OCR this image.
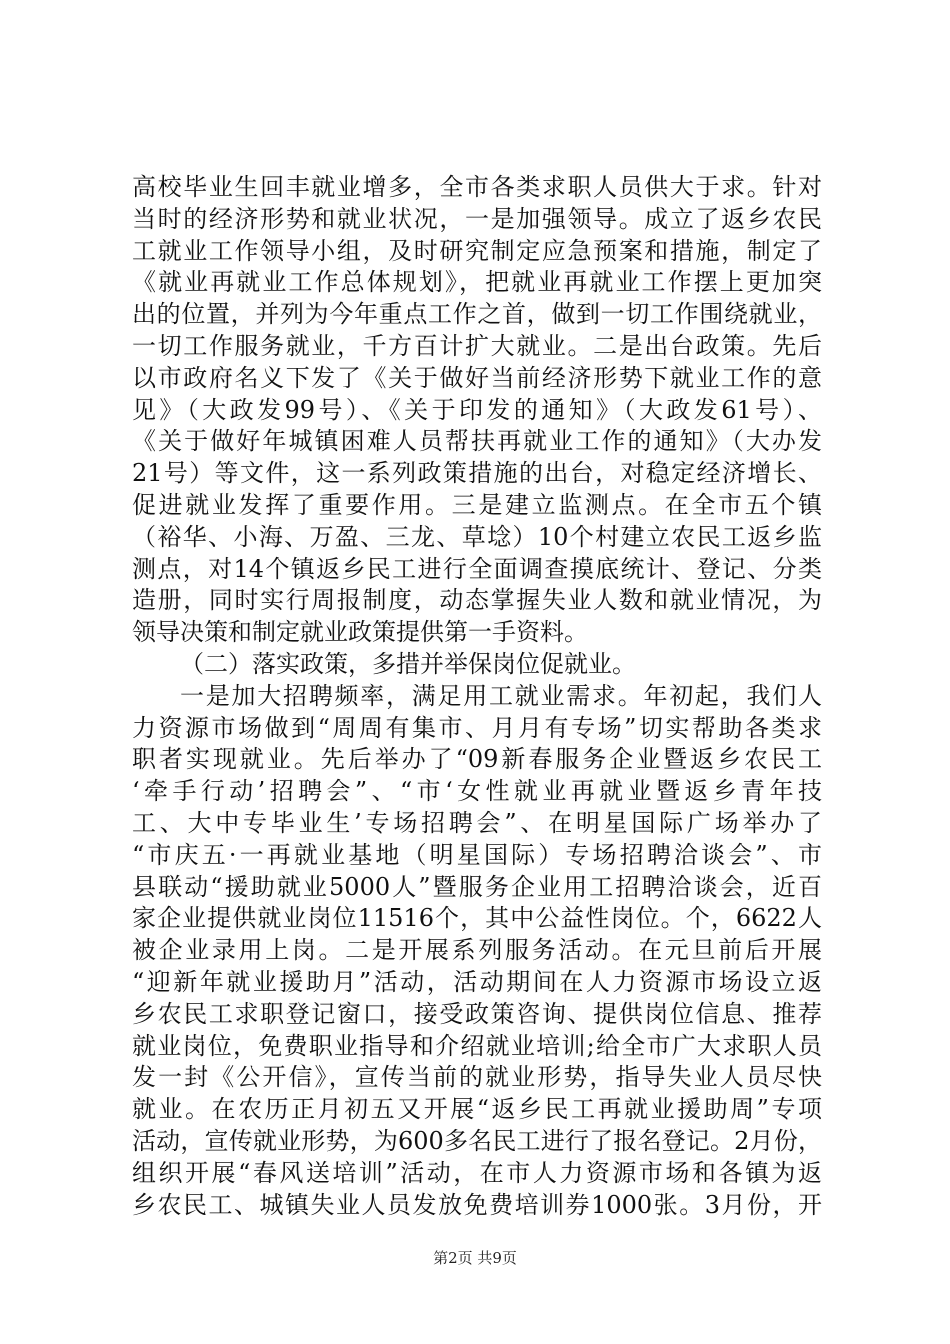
高校毕业生回丰就业增多，全市各类求职人员供大于求。针对
当时的经济形势和就业状况，一是加强领导。成立了返乡农民
工就业工作领导小组，及时研究制定应急预案和措施，制定了
《就业再就业工作总体规划》，把就业再就业工作摆上更加突
出的位置，并列为今年重点工作之首，做到一切工作围绕就业，
一切工作服务就业，千方百计扩大就业。二是出台政策。先后
以市政府名义下发了《关于做好当前经济形势下就业工作的意
见》（大政发99号）、《关于印发的通知》（大政发61号）、
《关于做好年城镇困难人员帮扶再就业工作的通知》（大办发
21号）等文件，这一系列政策措施的出台，对稳定经济增长、
促进就业发挥了重要作用。三是建立监测点。在全市五个镇
（裕华、小海、万盈、三龙、草埝）10个村建立农民工返乡监
测点，对14个镇返乡民工进行全面调查摸底统计、登记、分类
造册，同时实行周报制度，动态掌握失业人数和就业情况，为
领导决策和制定就业政策提供第一手资料。
（二）落实政策，多措并举保岗位促就业。
一是加大招聘频率，满足用工就业需求。年初起，我们人
力资源市场做到“周周有集市、月月有专场”切实帮助各类求
职者实现就业。先后举办了“09新春服务企业暨返乡农民工
‘牵手行动’招聘会”、“市‘女性就业再就业暨返乡青年技
工、大中专毕业生’专场招聘会”、在明星国际广场举办了
“市庆五·一再就业基地（明星国际）专场招聘洽谈会”、市
县联动“援助就业5000人”暨服务企业用工招聘洽谈会，近百
家企业提供就业岗位11516个，其中公益性岗位。个，6622人
被企业录用上岗。二是开展系列服务活动。在元旦前后开展
“迎新年就业援助月”活动，活动期间在人力资源市场设立返
乡农民工求职登记窗口，接受政策咨询、提供岗位信息、推荐
就业岗位，免费职业指导和介绍就业培训;给全市广大求职人员
发一封《公开信》，宣传当前的就业形势，指导失业人员尽快
就业。在农历正月初五又开展“返乡民工再就业援助周”专项
活动，宣传就业形势，为600多名民工进行了报名登记。2月份，
组织开展“春风送培训”活动，在市人力资源市场和各镇为返
乡农民工、城镇失业人员发放免费培训券1000张。3月份，开
第2页 共9页
